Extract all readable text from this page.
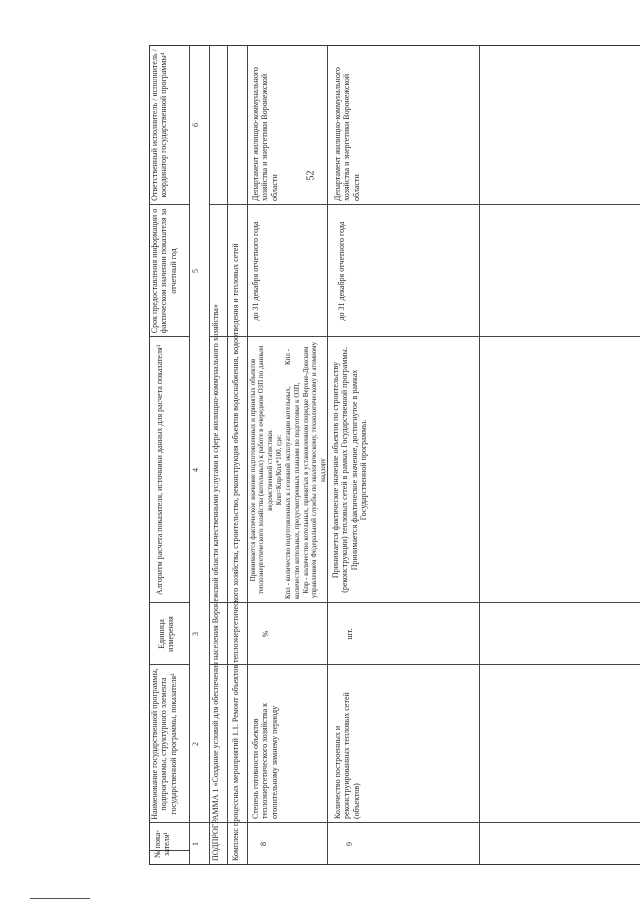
52
№ пока-
зателя¹
Наименование государственной программы, подпрограммы, структурного элемента государственной программы, показателя²
Единица измерения
Алгоритм расчета показателя, источники данных для расчета показателя³
Срок предоставления информации о фактическом значении показателя за отчетный год
Ответственный исполнитель / исполнитель / координатор государственной программы⁴
1
2
3
4
5
6
ПОДПРОГРАММА 1 «Создание условий для обеспечения населения Воронежской области качественными услугами в сфере жилищно-коммунального хозяйства»	Комплекс процессных мероприятий 1.1. Ремонт объектов теплоэнергетического хозяйства, строительство, реконструкция объектов водоснабжения, водоотведения и тепловых сетей	8
Степень готовности объектов теплоэнергетического хозяйства к отопительному зимнему периоду
%
Принимается фактическое значение подготовленных и принятых объектов теплоэнергетического хозяйства (котельных) к работе в очередном ОЗП по данным ведомственной статистики. Кпп=Кпр/Кпл*100, где: Кпл - количество подготовленных к сезонной эксплуатации котельных,
Кпл -
количество котельных, предусмотренных планами по подготовке к ОЗП, Кпр - количество котельных, принятых в установленном порядке Верхне-Донским управлением Федеральной службы по экологическому, технологическому и атомному надзору
до 31 декабря отчетного года
Департамент жилищно-коммунального хозяйства и энергетики Воронежской области
9
Количество построенных и реконструированных тепловых сетей (объектов)
шт.
Принимается фактическое значение объектов по строительству (реконструкции) тепловых сетей в рамках Государственной программы. Принимается фактическое значение, достигнутое в рамках Государственной программы.
до 31 декабря отчетного года
Департамент жилищно-коммунального хозяйства и энергетики Воронежской области
